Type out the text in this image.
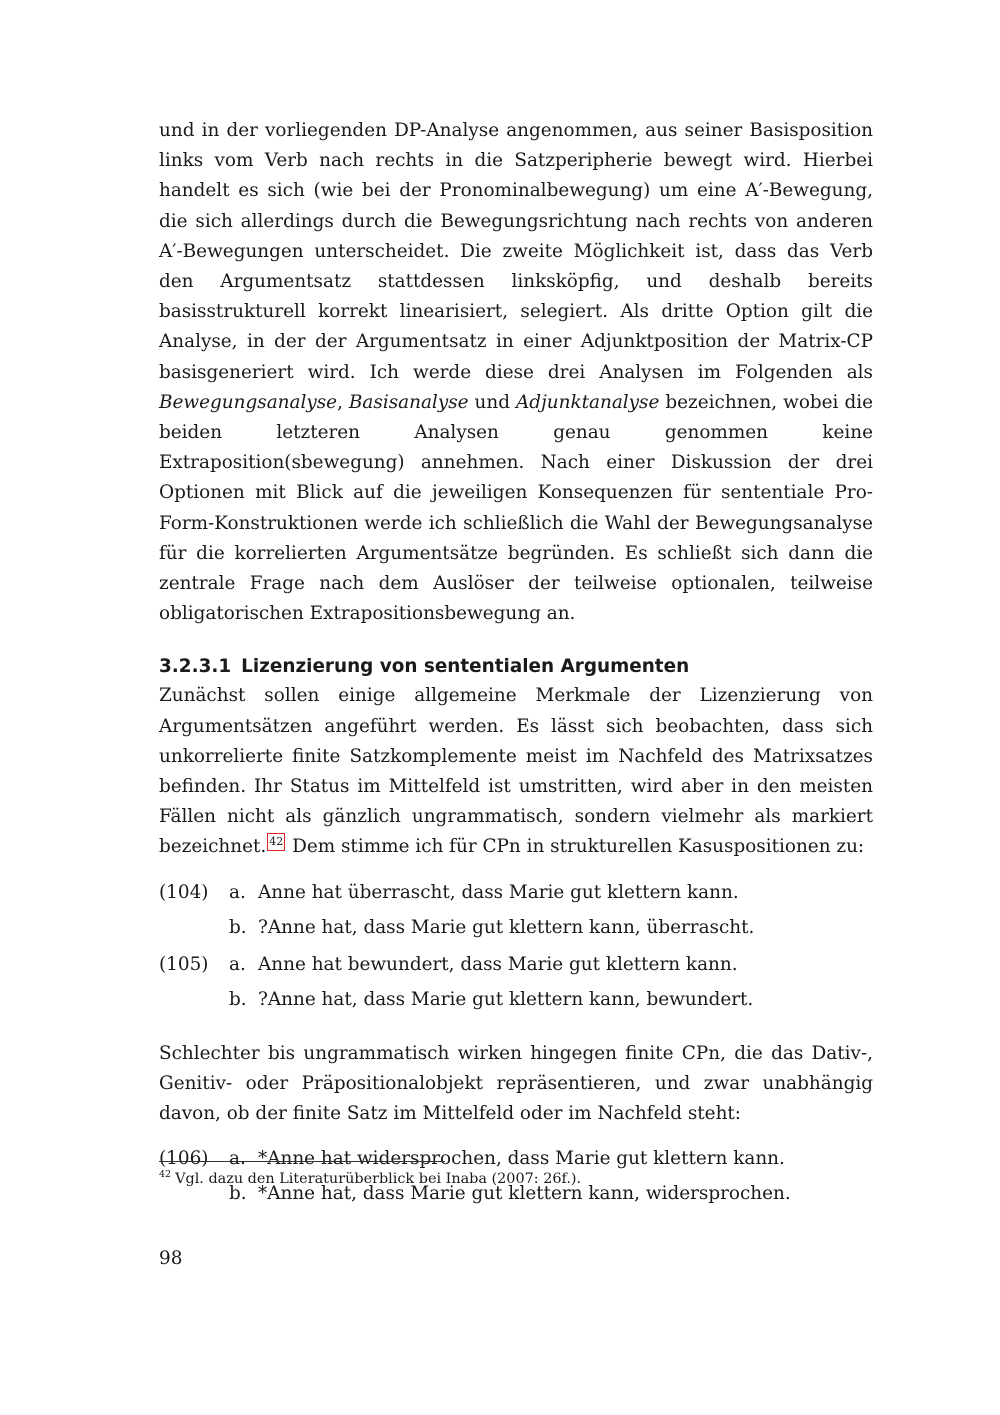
und in der vorliegenden DP-Analyse angenommen, aus seiner Basisposition links vom Verb nach rechts in die Satzperipherie bewegt wird. Hierbei handelt es sich (wie bei der Pronominalbewegung) um eine A′-Bewegung, die sich allerdings durch die Bewegungsrichtung nach rechts von anderen A′-Bewegungen unterscheidet. Die zweite Möglichkeit ist, dass das Verb den Argumentsatz stattdessen linksköpfig, und deshalb bereits basisstrukturell korrekt linearisiert, selegiert. Als dritte Option gilt die Analyse, in der der Argumentsatz in einer Adjunktposition der Matrix-CP basisgeneriert wird. Ich werde diese drei Analysen im Folgenden als Bewegungsanalyse, Basisanalyse und Adjunktanalyse bezeichnen, wobei die beiden letzteren Analysen genau genommen keine Extraposition(sbewegung) annehmen. Nach einer Diskussion der drei Optionen mit Blick auf die jeweiligen Konsequenzen für sententiale Pro-Form-Konstruktionen werde ich schließlich die Wahl der Bewegungsanalyse für die korrelierten Argumentsätze begründen. Es schließt sich dann die zentrale Frage nach dem Auslöser der teilweise optionalen, teilweise obligatorischen Extrapositionsbewegung an.

3.2.3.1 Lizenzierung von sententialen Argumenten

Zunächst sollen einige allgemeine Merkmale der Lizenzierung von Argumentsätzen angeführt werden. Es lässt sich beobachten, dass sich unkorrelierte finite Satzkomplemente meist im Nachfeld des Matrixsatzes befinden. Ihr Status im Mittelfeld ist umstritten, wird aber in den meisten Fällen nicht als gänzlich ungrammatisch, sondern vielmehr als markiert bezeichnet. 42 Dem stimme ich für CPn in strukturellen Kasuspositionen zu:

(104) a. Anne hat überrascht, dass Marie gut klettern kann.
b. ?Anne hat, dass Marie gut klettern kann, überrascht.
(105) a. Anne hat bewundert, dass Marie gut klettern kann.
b. ?Anne hat, dass Marie gut klettern kann, bewundert.

Schlechter bis ungrammatisch wirken hingegen finite CPn, die das Dativ-, Genitiv- oder Präpositionalobjekt repräsentieren, und zwar unabhängig davon, ob der finite Satz im Mittelfeld oder im Nachfeld steht:

(106) a. *Anne hat widersprochen, dass Marie gut klettern kann.
b. *Anne hat, dass Marie gut klettern kann, widersprochen.
$^{42}$ Vgl. dazu den Literaturüberblick bei Inaba (2007: 26f.).
98
